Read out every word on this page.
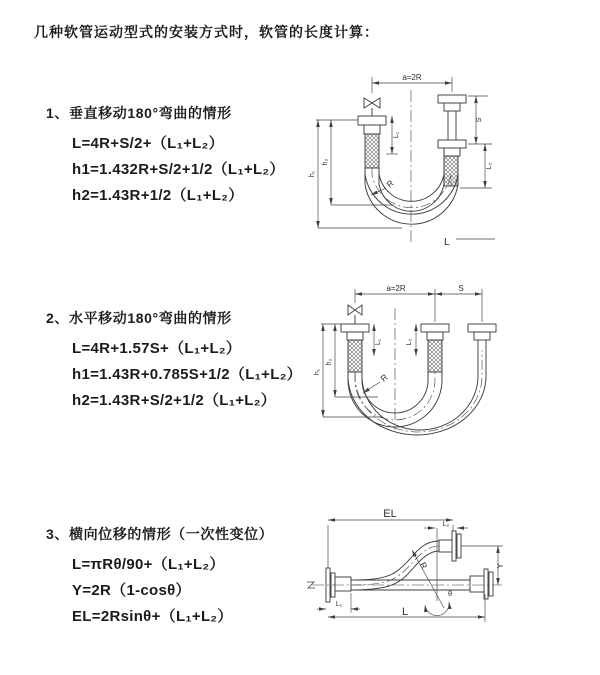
几种软管运动型式的安装方式时，软管的长度计算：
1、垂直移动180°弯曲的情形
L=4R+S/2+（L₁+L₂）
h1=1.432R+S/2+1/2（L₁+L₂）
h2=1.43R+1/2（L₁+L₂）
2、水平移动180°弯曲的情形
L=4R+1.57S+（L₁+L₂）
h1=1.43R+0.785S+1/2（L₁+L₂）
h2=1.43R+S/2+1/2（L₁+L₂）
3、横向位移的情形（一次性变位）
L=πRθ/90+（L₁+L₂）
Y=2R（1-cosθ）
EL=2Rsinθ+（L₁+L₂）
a=2R
S
L₂
L₁
h₁
h₂
R
L
a=2R	S
L₁	L₂
h₁
h₂
R
EL
L₂
Y
R
θ
L
L₁
